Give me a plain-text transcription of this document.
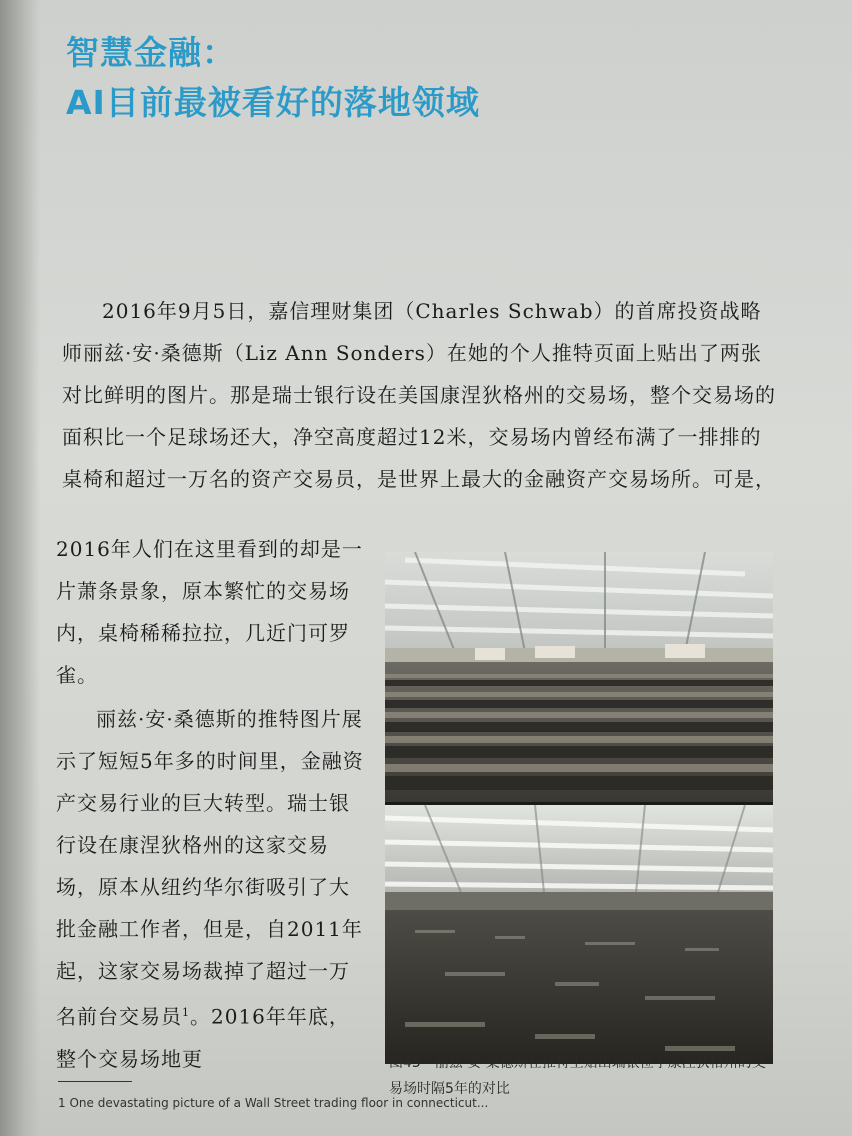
智慧金融：
AI目前最被看好的落地领域

2016年9月5日，嘉信理财集团（Charles Schwab）的首席投资战略师丽兹·安·桑德斯（Liz Ann Sonders）在她的个人推特页面上贴出了两张对比鲜明的图片。那是瑞士银行设在美国康涅狄格州的交易场，整个交易场的面积比一个足球场还大，净空高度超过12米，交易场内曾经布满了一排排的桌椅和超过一万名的资产交易员，是世界上最大的金融资产交易场所。可是，

2016年人们在这里看到的却是一片萧条景象，原本繁忙的交易场内，桌椅稀稀拉拉，几近门可罗雀。

丽兹·安·桑德斯的推特图片展示了短短5年多的时间里，金融资产交易行业的巨大转型。瑞士银行设在康涅狄格州的这家交易场，原本从纽约华尔街吸引了大批金融工作者，但是，自2011年起，这家交易场裁掉了超过一万名前台交易员$^1$。2016年年底，整个交易场地更	图45　丽兹·安·桑德斯在推特上贴出瑞银位于康涅狄格州的交易场时隔5年的对比

1 One devastating picture of a Wall Street trading floor in connecticut...
